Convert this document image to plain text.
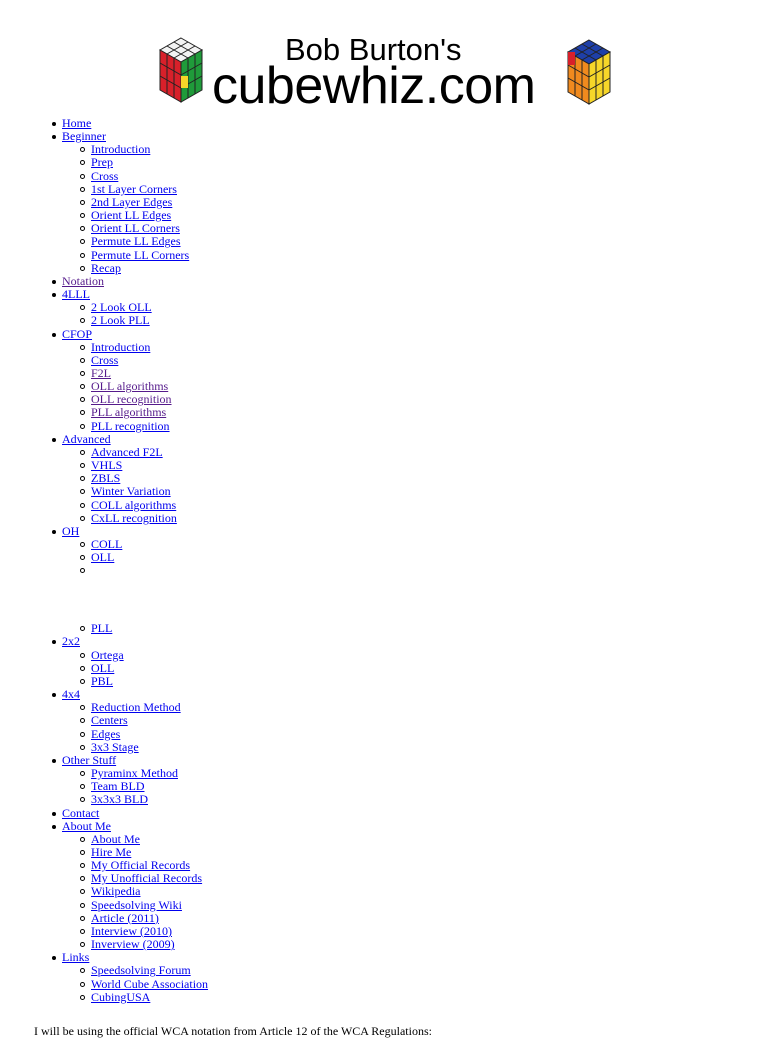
Bob Burton's
cubewhiz.com
Home
Beginner
Introduction
Prep
Cross
1st Layer Corners
2nd Layer Edges
Orient LL Edges
Orient LL Corners
Permute LL Edges
Permute LL Corners
Recap
Notation
4LLL
2 Look OLL
2 Look PLL
CFOP
Introduction
Cross
F2L
OLL algorithms
OLL recognition
PLL algorithms
PLL recognition
Advanced
Advanced F2L
VHLS
ZBLS
Winter Variation
COLL algorithms
CxLL recognition
OH
COLL
OLL
PLL
2x2
Ortega
OLL
PBL
4x4
Reduction Method
Centers
Edges
3x3 Stage
Other Stuff
Pyraminx Method
Team BLD
3x3x3 BLD
Contact
About Me
About Me
Hire Me
My Official Records
My Unofficial Records
Wikipedia
Speedsolving Wiki
Article (2011)
Interview (2010)
Inverview (2009)
Links
Speedsolving Forum
World Cube Association
CubingUSA

I will be using the official WCA notation from Article 12 of the WCA Regulations:
